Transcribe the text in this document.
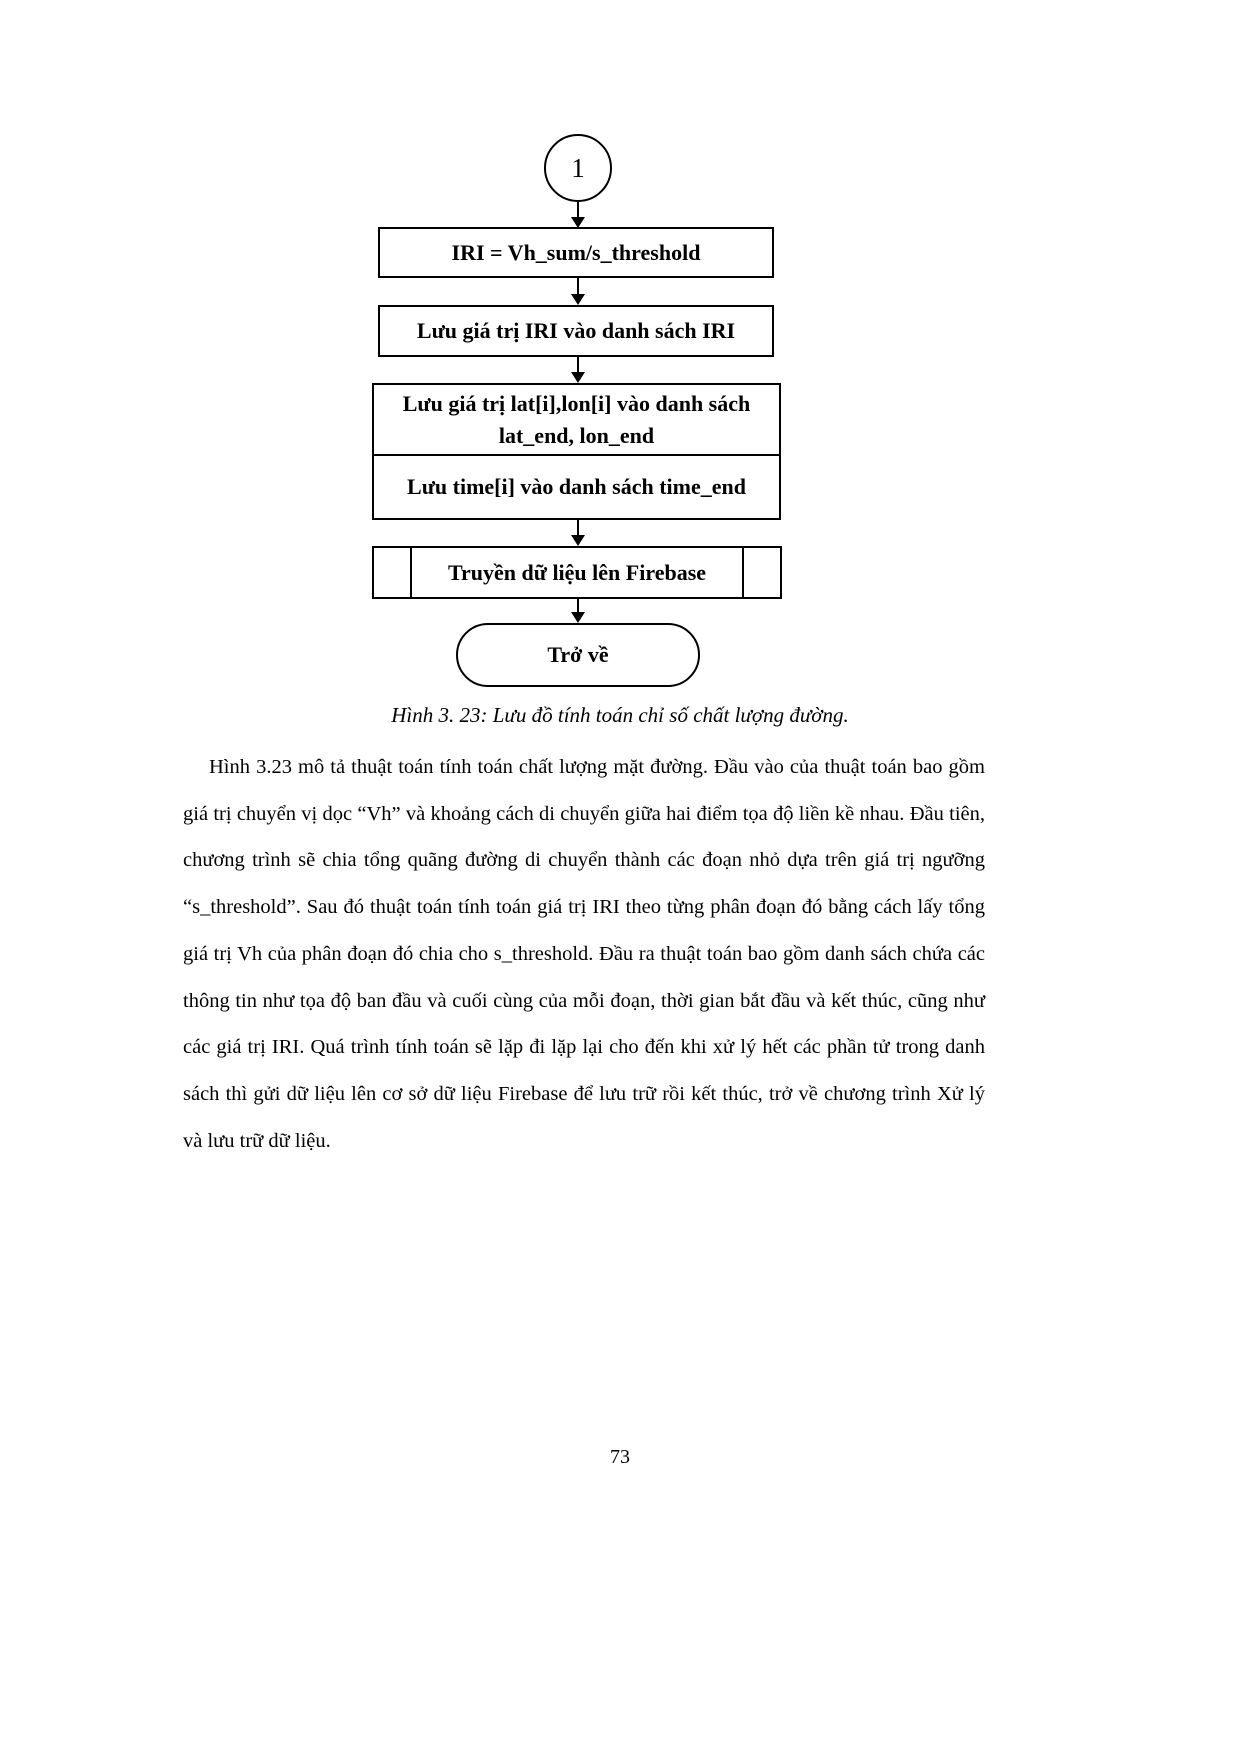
1
IRI = Vh_sum/s_threshold
Lưu giá trị IRI vào danh sách IRI
Lưu giá trị lat[i],lon[i] vào danh sách lat_end, lon_end
Lưu time[i] vào danh sách time_end
Truyền dữ liệu lên Firebase
Trở về
Hình 3. 23: Lưu đồ tính toán chỉ số chất lượng đường.
Hình 3.23 mô tả thuật toán tính toán chất lượng mặt đường. Đầu vào của thuật toán bao gồm giá trị chuyển vị dọc “Vh” và khoảng cách di chuyển giữa hai điểm tọa độ liền kề nhau. Đầu tiên, chương trình sẽ chia tổng quãng đường di chuyển thành các đoạn nhỏ dựa trên giá trị ngưỡng “s_threshold”. Sau đó thuật toán tính toán giá trị IRI theo từng phân đoạn đó bằng cách lấy tổng giá trị Vh của phân đoạn đó chia cho s_threshold. Đầu ra thuật toán bao gồm danh sách chứa các thông tin như tọa độ ban đầu và cuối cùng của mỗi đoạn, thời gian bắt đầu và kết thúc, cũng như các giá trị IRI. Quá trình tính toán sẽ lặp đi lặp lại cho đến khi xử lý hết các phần tử trong danh sách thì gửi dữ liệu lên cơ sở dữ liệu Firebase để lưu trữ rồi kết thúc, trở về chương trình Xử lý và lưu trữ dữ liệu.
73
